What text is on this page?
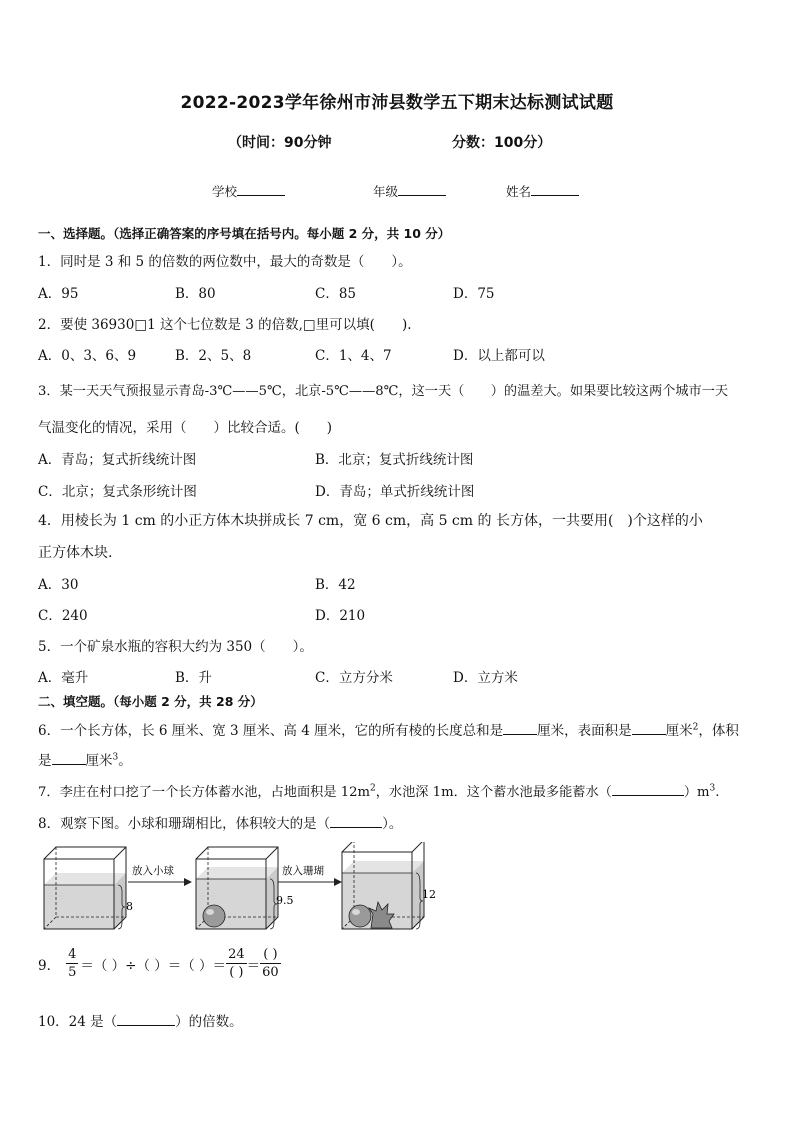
2022-2023学年徐州市沛县数学五下期末达标测试试题
（时间：90分钟	分数：100分）
学校	年级	姓名
一、选择题。（选择正确答案的序号填在括号内。每小题 2 分，共 10 分）
1．同时是 3 和 5 的倍数的两位数中，最大的奇数是（　　）。
A．95	B．80	C．85	D．75
2．要使 36930□1 这个七位数是 3 的倍数,□里可以填(　　).
A．0、3、6、9	B．2、5、8	C．1、4、7	D．以上都可以
3．某一天天气预报显示青岛-3℃——5℃，北京-5℃——8℃，这一天（　　）的温差大。如果要比较这两个城市一天
气温变化的情况，采用（　　）比较合适。(　　)
A．青岛；复式折线统计图	B．北京；复式折线统计图
C．北京；复式条形统计图	D．青岛；单式折线统计图
4．用棱长为 1 cm 的小正方体木块拼成长 7 cm，宽 6 cm，高 5 cm 的 长方体，一共要用(　)个这样的小
正方体木块.
A．30	B．42
C．240	D．210
5．一个矿泉水瓶的容积大约为 350（　　）。
A．毫升	B．升	C．立方分米	D．立方米
二、填空题。（每小题 2 分，共 28 分）
6．一个长方体，长 6 厘米、宽 3 厘米、高 4 厘米，它的所有棱的长度总和是	厘米，表面积是	厘米$^2$，体积
是	厘米$^3$。
7．李庄在村口挖了一个长方体蓄水池，占地面积是 $12m^2$，水池深 1m．这个蓄水池最多能蓄水（	）$m^3$.
8．观察下图。小球和珊瑚相比，体积较大的是（	）。
8
放入小球
9.5
放入珊瑚
12
9． $\frac{4}{5}$ ＝（ ）÷（ ）＝（ ）＝ $\frac{24}{( )} = \frac{( )}{60}$
10．24 是（	）的倍数。
